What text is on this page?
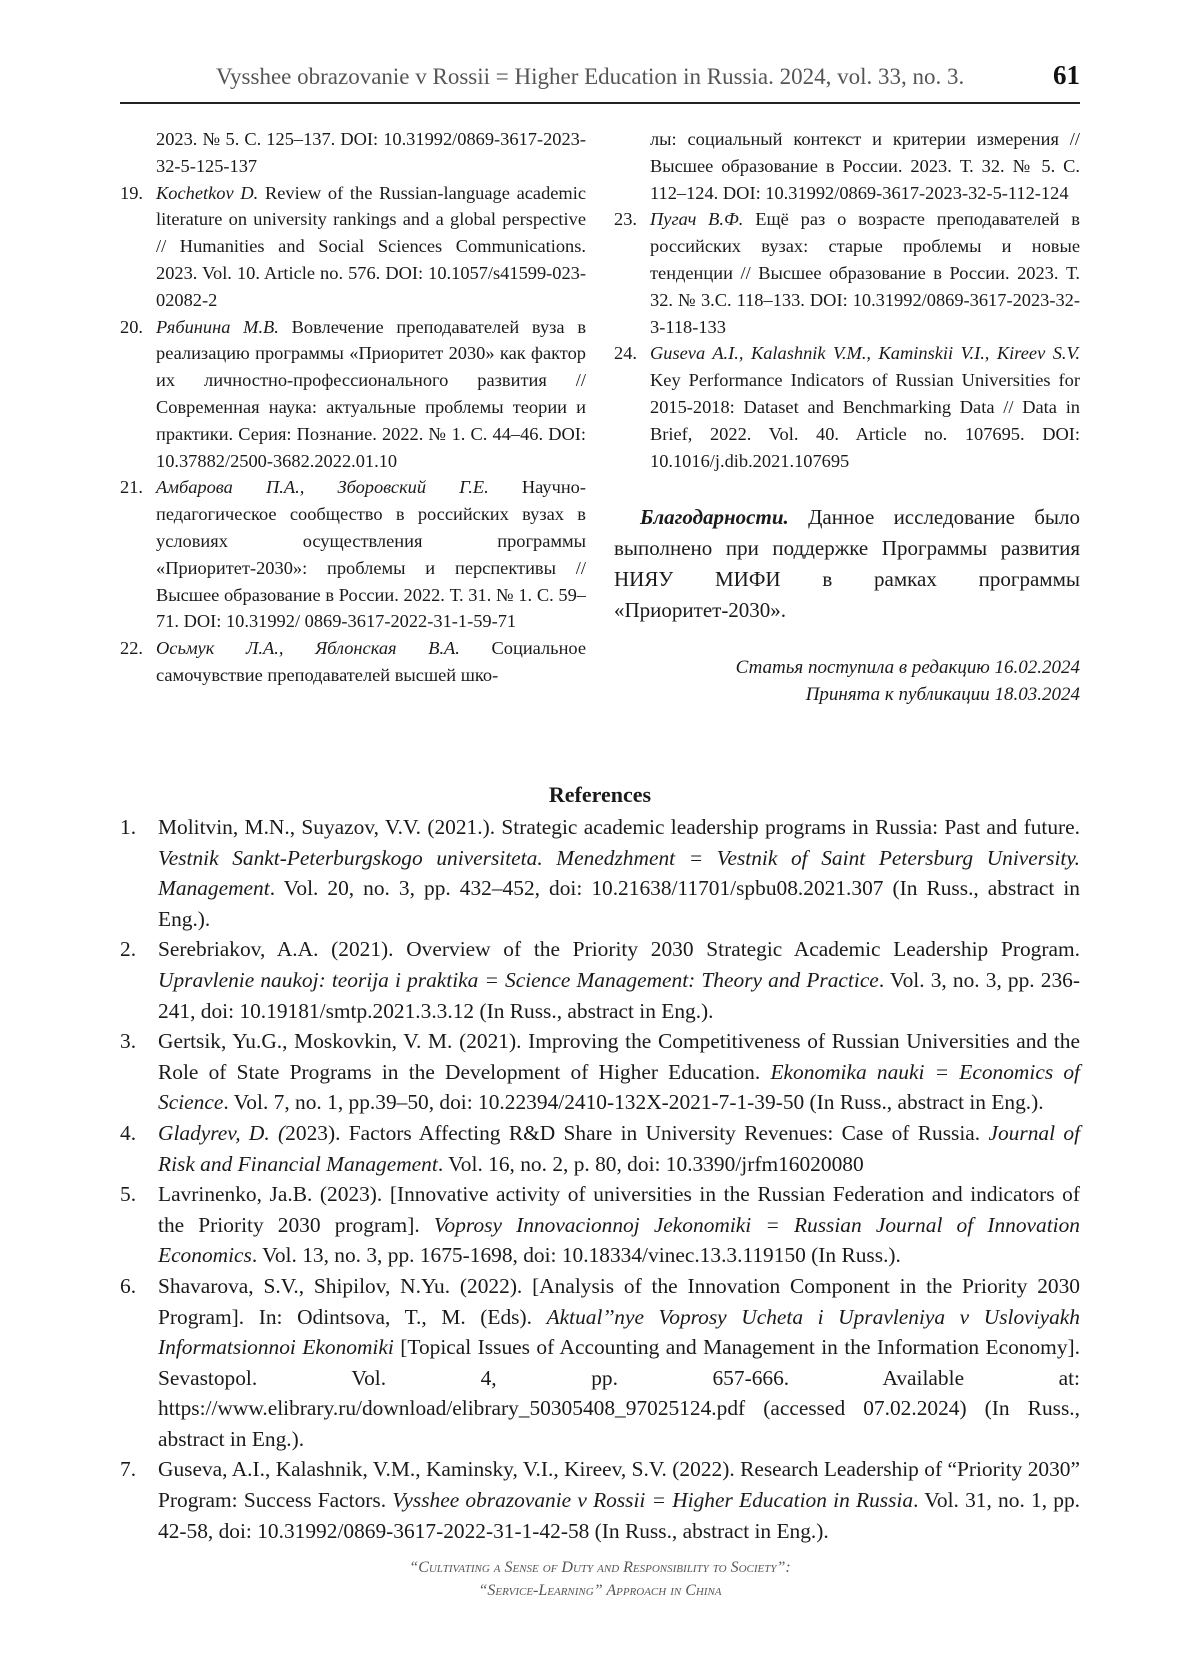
Vysshee obrazovanie v Rossii = Higher Education in Russia. 2024, vol. 33, no. 3.	61

2023. № 5. С. 125–137. DOI: 10.31992/0869-3617-2023-32-5-125-137

19. Kochetkov D. Review of the Russian-language academic literature on university rankings and a global perspective // Humanities and Social Sciences Communications. 2023. Vol. 10. Article no. 576. DOI: 10.1057/s41599-023-02082-2

20. Рябинина М.В. Вовлечение преподавателей вуза в реализацию программы «Приоритет 2030» как фактор их личностно-профессионального развития // Современная наука: актуальные проблемы теории и практики. Серия: Познание. 2022. № 1. С. 44–46. DOI: 10.37882/2500-3682.2022.01.10

21. Амбарова П.А., Зборовский Г.Е. Научно-педагогическое сообщество в российских вузах в условиях осуществления программы «Приоритет-2030»: проблемы и перспективы // Высшее образование в России. 2022. Т. 31. № 1. С. 59–71. DOI: 10.31992/ 0869-3617-2022-31-1-59-71

22. Осьмук Л.А., Яблонская В.А. Социальное самочувствие преподавателей высшей шко-

лы: социальный контекст и критерии измерения // Высшее образование в России. 2023. Т. 32. № 5. С. 112–124. DOI: 10.31992/0869-3617-2023-32-5-112-124

23. Пугач В.Ф. Ещё раз о возрасте преподавателей в российских вузах: старые проблемы и новые тенденции // Высшее образование в России. 2023. Т. 32. № 3.С. 118–133. DOI: 10.31992/0869-3617-2023-32-3-118-133

24. Guseva A.I., Kalashnik V.M., Kaminskii V.I., Kireev S.V. Key Performance Indicators of Russian Universities for 2015-2018: Dataset and Benchmarking Data // Data in Brief, 2022. Vol. 40. Article no. 107695. DOI: 10.1016/j.dib.2021.107695

Благодарности. Данное исследование было выполнено при поддержке Программы развития НИЯУ МИФИ в рамках программы «Приоритет-2030».

Статья поступила в редакцию 16.02.2024
Принята к публикации 18.03.2024
References

1. Molitvin, M.N., Suyazov, V.V. (2021.). Strategic academic leadership programs in Russia: Past and future. Vestnik Sankt-Peterburgskogo universiteta. Menedzhment = Vestnik of Saint Petersburg University. Management. Vol. 20, no. 3, pp. 432–452, doi: 10.21638/11701/spbu08.2021.307 (In Russ., abstract in Eng.).

2. Serebriakov, A.A. (2021). Overview of the Priority 2030 Strategic Academic Leadership Program. Upravlenie naukoj: teorija i praktika = Science Management: Theory and Practice. Vol. 3, no. 3, pp. 236-241, doi: 10.19181/smtp.2021.3.3.12 (In Russ., abstract in Eng.).

3. Gertsik, Yu.G., Moskovkin, V. M. (2021). Improving the Competitiveness of Russian Universities and the Role of State Programs in the Development of Higher Education. Ekonomika nauki = Economics of Science. Vol. 7, no. 1, pp.39–50, doi: 10.22394/2410-132X-2021-7-1-39-50 (In Russ., abstract in Eng.).

4. Gladyrev, D. (2023). Factors Affecting R&D Share in University Revenues: Case of Russia. Journal of Risk and Financial Management. Vol. 16, no. 2, p. 80, doi: 10.3390/jrfm16020080

5. Lavrinenko, Ja.B. (2023). [Innovative activity of universities in the Russian Federation and indicators of the Priority 2030 program]. Voprosy Innovacionnoj Jekonomiki = Russian Journal of Innovation Economics. Vol. 13, no. 3, pp. 1675-1698, doi: 10.18334/vinec.13.3.119150 (In Russ.).

6. Shavarova, S.V., Shipilov, N.Yu. (2022). [Analysis of the Innovation Component in the Priority 2030 Program]. In: Odintsova, T., M. (Eds). Aktual’’nye Voprosy Ucheta i Upravleniya v Usloviyakh Informatsionnoi Ekonomiki [Topical Issues of Accounting and Management in the Information Economy]. Sevastopol. Vol. 4, pp. 657-666. Available at: https://www.elibrary.ru/download/elibrary_50305408_97025124.pdf (accessed 07.02.2024) (In Russ., abstract in Eng.).

7. Guseva, A.I., Kalashnik, V.M., Kaminsky, V.I., Kireev, S.V. (2022). Research Leadership of “Priority 2030” Program: Success Factors. Vysshee obrazovanie v Rossii = Higher Education in Russia. Vol. 31, no. 1, pp. 42-58, doi: 10.31992/0869-3617-2022-31-1-42-58 (In Russ., abstract in Eng.).

“Cultivating a Sense of Duty and Responsibility to Society”:
“Service-Learning” Approach in China
